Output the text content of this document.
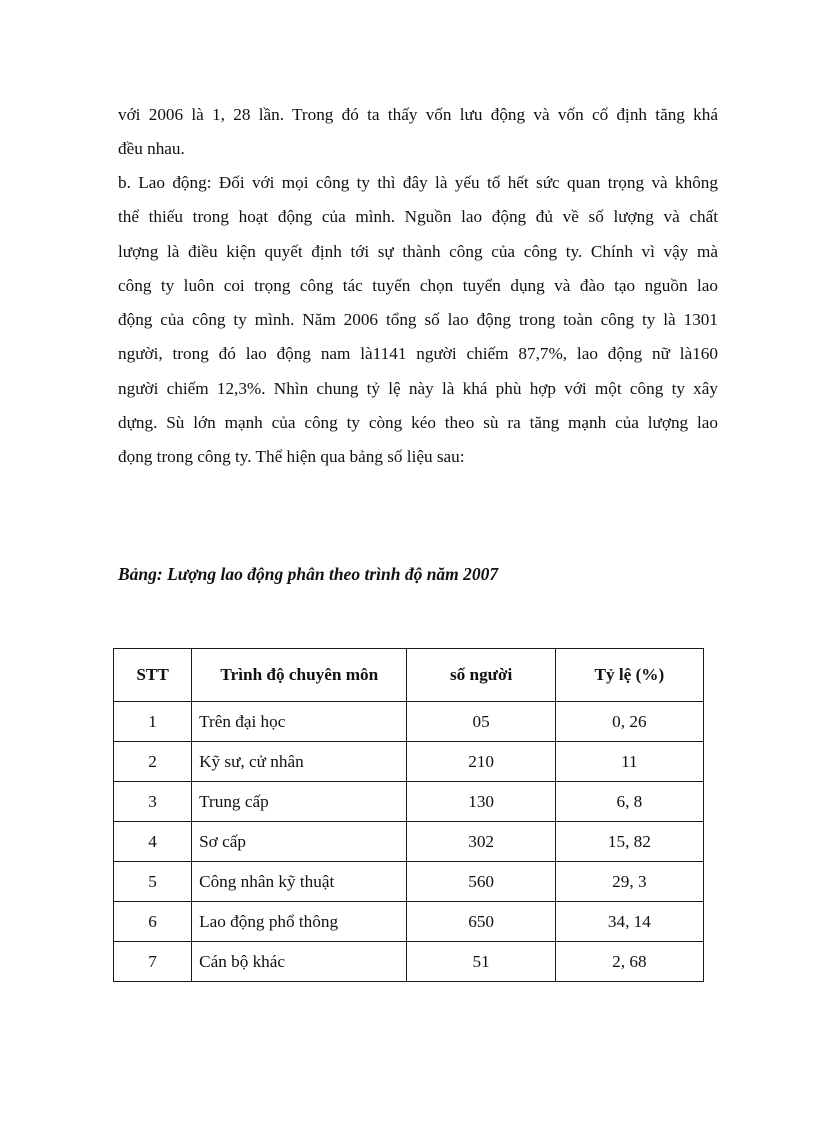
với 2006 là 1, 28 lần. Trong đó ta thấy vốn lưu động và vốn cố định tăng khá
đều nhau.
b. Lao động: Đối với mọi công ty thì đây là yếu tố hết sức quan trọng và không
thể thiếu trong hoạt động của mình. Nguồn lao động đủ về số lượng và chất
lượng là điều kiện quyết định tới sự thành công của công ty. Chính vì vậy mà
công ty luôn coi trọng công tác tuyển chọn tuyển dụng và đào tạo nguồn lao
động của công ty mình. Năm 2006 tổng số lao động trong toàn công ty là 1301
người, trong đó lao động nam là1141 người chiếm 87,7%, lao động nữ là160
người chiếm 12,3%. Nhìn chung tỷ lệ này là khá phù hợp với một công ty xây
dựng. Sù lớn mạnh của công ty còng kéo theo sù ra tăng mạnh của lượng lao
đọng trong công ty. Thể hiện qua bảng số liệu sau:
Bảng: Lượng lao động phân theo trình độ năm 2007
STT	Trình độ chuyên môn	số người	Tỷ lệ (%)
1	Trên đại học	05	0, 26
2	Kỹ sư, cử nhân	210	11
3	Trung cấp	130	6, 8
4	Sơ cấp	302	15, 82
5	Công nhân kỹ thuật	560	29, 3
6	Lao động phổ thông	650	34, 14
7	Cán bộ khác	51	2, 68
